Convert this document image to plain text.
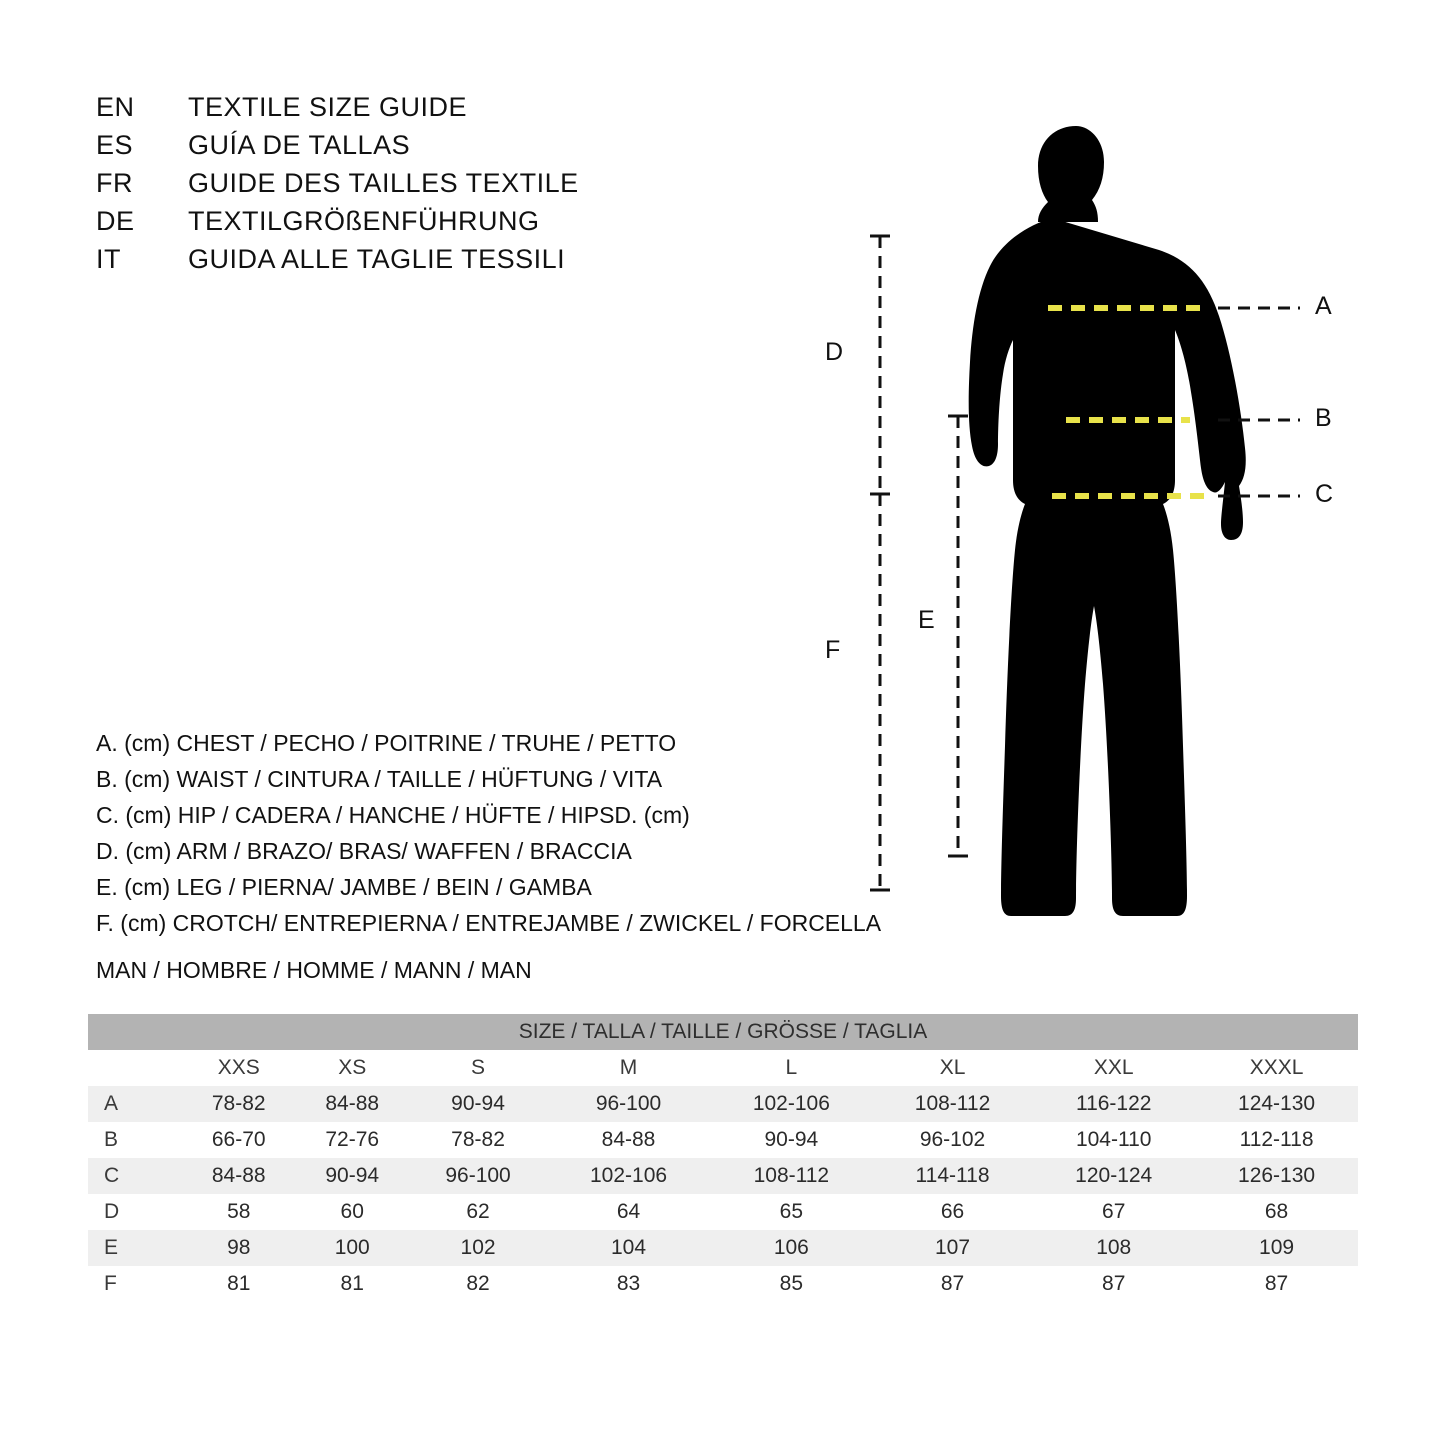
EN	TEXTILE SIZE GUIDE
ES	GUÍA DE TALLAS
FR	GUIDE DES TAILLES TEXTILE
DE	TEXTILGRÖßENFÜHRUNG
IT	GUIDA ALLE TAGLIE TESSILI
A. (cm) CHEST / PECHO / POITRINE / TRUHE / PETTO
B. (cm) WAIST / CINTURA / TAILLE / HÜFTUNG / VITA
C. (cm) HIP / CADERA / HANCHE / HÜFTE / HIPSD. (cm)
D. (cm) ARM / BRAZO/ BRAS/ WAFFEN / BRACCIA
E. (cm) LEG / PIERNA/ JAMBE / BEIN / GAMBA
F. (cm) CROTCH/ ENTREPIERNA / ENTREJAMBE / ZWICKEL / FORCELLA
MAN / HOMBRE / HOMME / MANN / MAN
A
B
C
D
E
F
SIZE / TALLA / TAILLE / GRÖSSE / TAGLIA								
	XXS	XS	S	M	L	XL	XXL	XXXL
A	78-82	84-88	90-94	96-100	102-106	108-112	116-122	124-130
B	66-70	72-76	78-82	84-88	90-94	96-102	104-110	112-118
C	84-88	90-94	96-100	102-106	108-112	114-118	120-124	126-130
D	58	60	62	64	65	66	67	68
E	98	100	102	104	106	107	108	109
F	81	81	82	83	85	87	87	87
